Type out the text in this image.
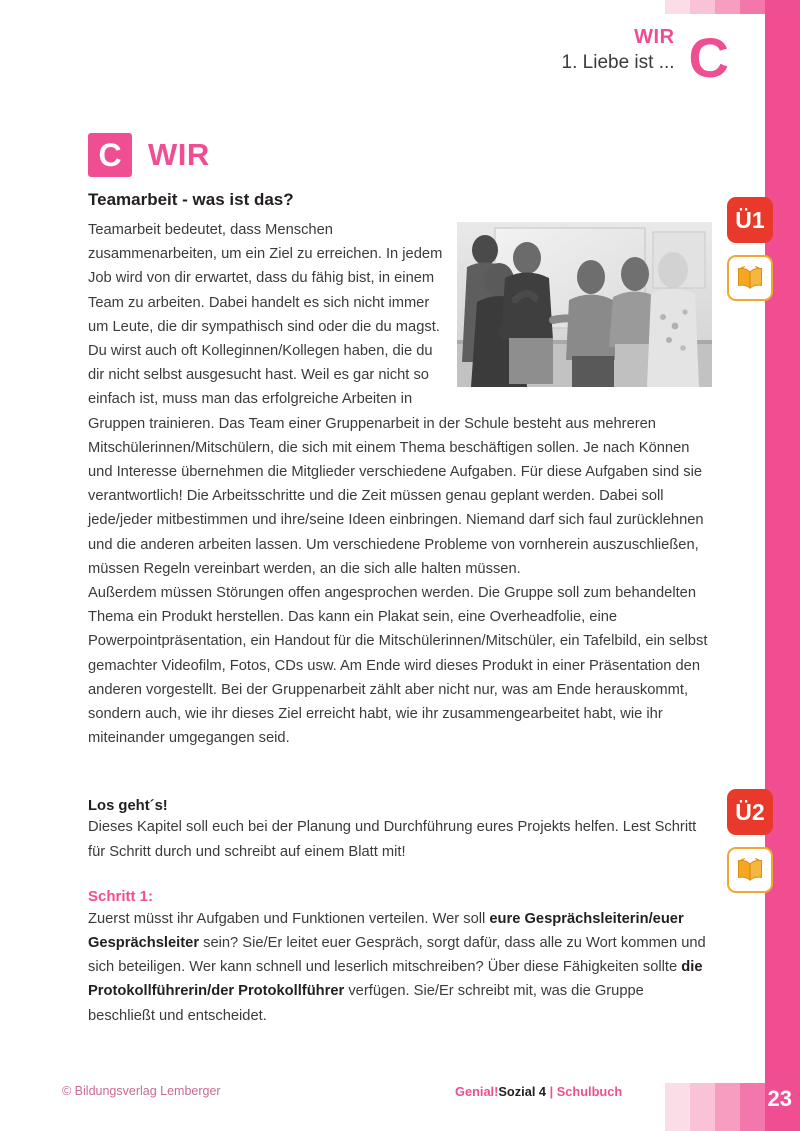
WIR
1. Liebe ist ... C
C WIR
Ü1
Ü2
Teamarbeit - was ist das?

Teamarbeit bedeutet, dass Menschen zusammenarbeiten, um ein Ziel zu erreichen. In jedem Job wird von dir erwartet, dass du fähig bist, in einem Team zu arbeiten. Dabei handelt es sich nicht immer um Leute, die dir sympathisch sind oder die du magst. Du wirst auch oft Kolleginnen/Kollegen haben, die du dir nicht selbst ausgesucht hast. Weil es gar nicht so einfach ist, muss man das erfolgreiche Arbeiten in Gruppen trainieren. Das Team einer Gruppenarbeit in der Schule besteht aus mehreren Mitschülerinnen/Mitschülern, die sich mit einem Thema beschäftigen sollen. Je nach Können und Interesse übernehmen die Mitglieder verschiedene Aufgaben. Für diese Aufgaben sind sie verantwortlich! Die Arbeitsschritte und die Zeit müssen genau geplant werden. Dabei soll jede/jeder mitbestimmen und ihre/seine Ideen einbringen. Niemand darf sich faul zurücklehnen und die anderen arbeiten lassen. Um verschiedene Probleme von vornherein auszuschließen, müssen Regeln vereinbart werden, an die sich alle halten müssen.

Außerdem müssen Störungen offen angesprochen werden. Die Gruppe soll zum behandelten Thema ein Produkt herstellen. Das kann ein Plakat sein, eine Overheadfolie, eine Powerpointpräsentation, ein Handout für die Mitschülerinnen/Mitschüler, ein Tafelbild, ein selbst gemachter Videofilm, Fotos, CDs usw. Am Ende wird dieses Produkt in einer Präsentation den anderen vorgestellt. Bei der Gruppenarbeit zählt aber nicht nur, was am Ende herauskommt, sondern auch, wie ihr dieses Ziel erreicht habt, wie ihr zusammengearbeitet habt, wie ihr miteinander umgegangen seid.

Los geht´s!

Dieses Kapitel soll euch bei der Planung und Durchführung eures Projekts helfen. Lest Schritt für Schritt durch und schreibt auf einem Blatt mit!

Schritt 1:

Zuerst müsst ihr Aufgaben und Funktionen verteilen. Wer soll eure Gesprächsleiterin/euer Gesprächsleiter sein? Sie/Er leitet euer Gespräch, sorgt dafür, dass alle zu Wort kommen und sich beteiligen. Wer kann schnell und leserlich mitschreiben? Über diese Fähigkeiten sollte die Protokollführerin/der Protokollführer verfügen. Sie/Er schreibt mit, was die Gruppe beschließt und entscheidet.

© Bildungsverlag Lemberger	Genial!Sozial 4 | Schulbuch	23
